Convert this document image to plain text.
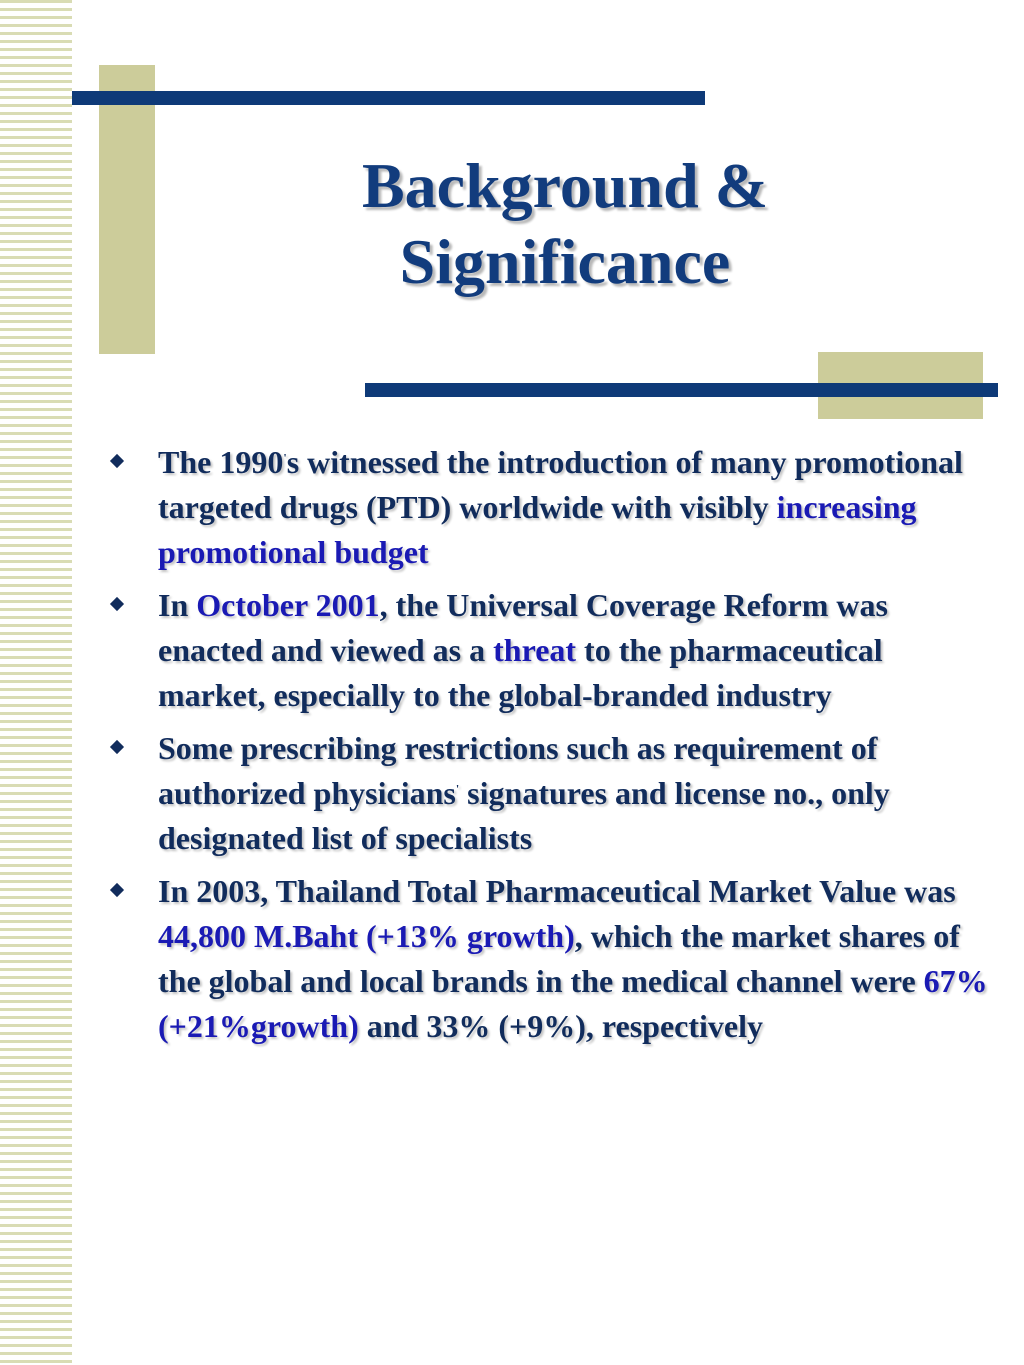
Background &
Significance
The 1990's witnessed the introduction of many promotional targeted drugs (PTD) worldwide with visibly increasing promotional budget
In October 2001, the Universal Coverage Reform was enacted and viewed as a threat to the pharmaceutical market, especially to the global-branded industry
Some prescribing restrictions such as requirement of authorized physicians' signatures and license no., only designated list of specialists
In 2003, Thailand Total Pharmaceutical Market Value was 44,800 M.Baht (+13% growth), which the market shares of the global and local brands in the medical channel were 67% (+21%growth) and 33% (+9%), respectively
